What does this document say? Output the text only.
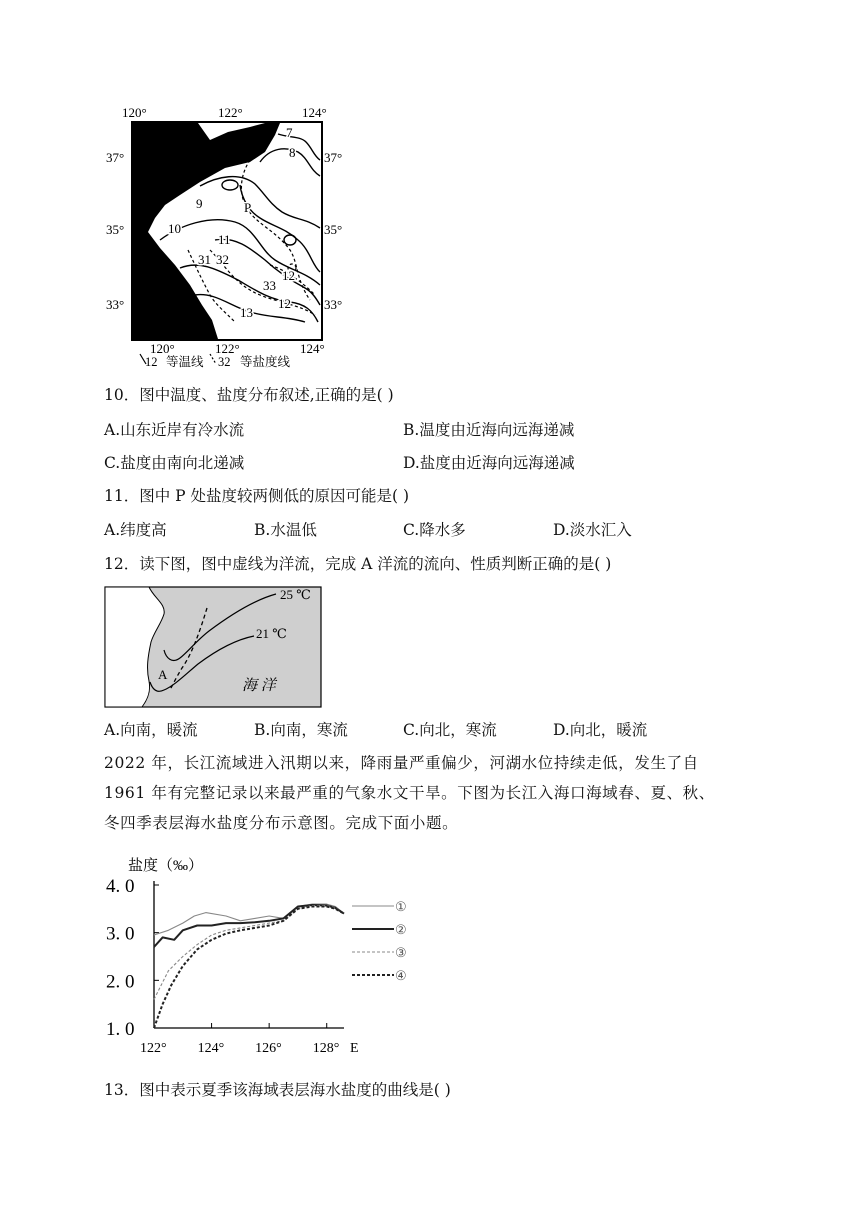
120°	122°	124°
120°	122°	124°
37°
35°
33°
37°
35°
33°
7
8
9
10
11
12
12
13
31 32
33
P
12 等温线 32 等盐度线
10．图中温度、盐度分布叙述,正确的是( )
A.山东近岸有冷水流	B.温度由近海向远海递减
C.盐度由南向北递减	D.盐度由近海向远海递减
11．图中 P 处盐度较两侧低的原因可能是( )
A.纬度高	B.水温低	C.降水多	D.淡水汇入
12．读下图，图中虚线为洋流，完成 A 洋流的流向、性质判断正确的是( )
25 ℃
21 ℃
A
海 洋
A.向南，暖流	B.向南，寒流	C.向北，寒流	D.向北，暖流
2022 年，长江流域进入汛期以来，降雨量严重偏少，河湖水位持续走低，发生了自
1961 年有完整记录以来最严重的气象水文干旱。下图为长江入海口海域春、夏、秋、
冬四季表层海水盐度分布示意图。完成下面小题。
盐度（‰）
4. 0
3. 0
2. 0
1. 0
122° 124° 126° 128° E
①
②
③
④
13．图中表示夏季该海域表层海水盐度的曲线是( )
